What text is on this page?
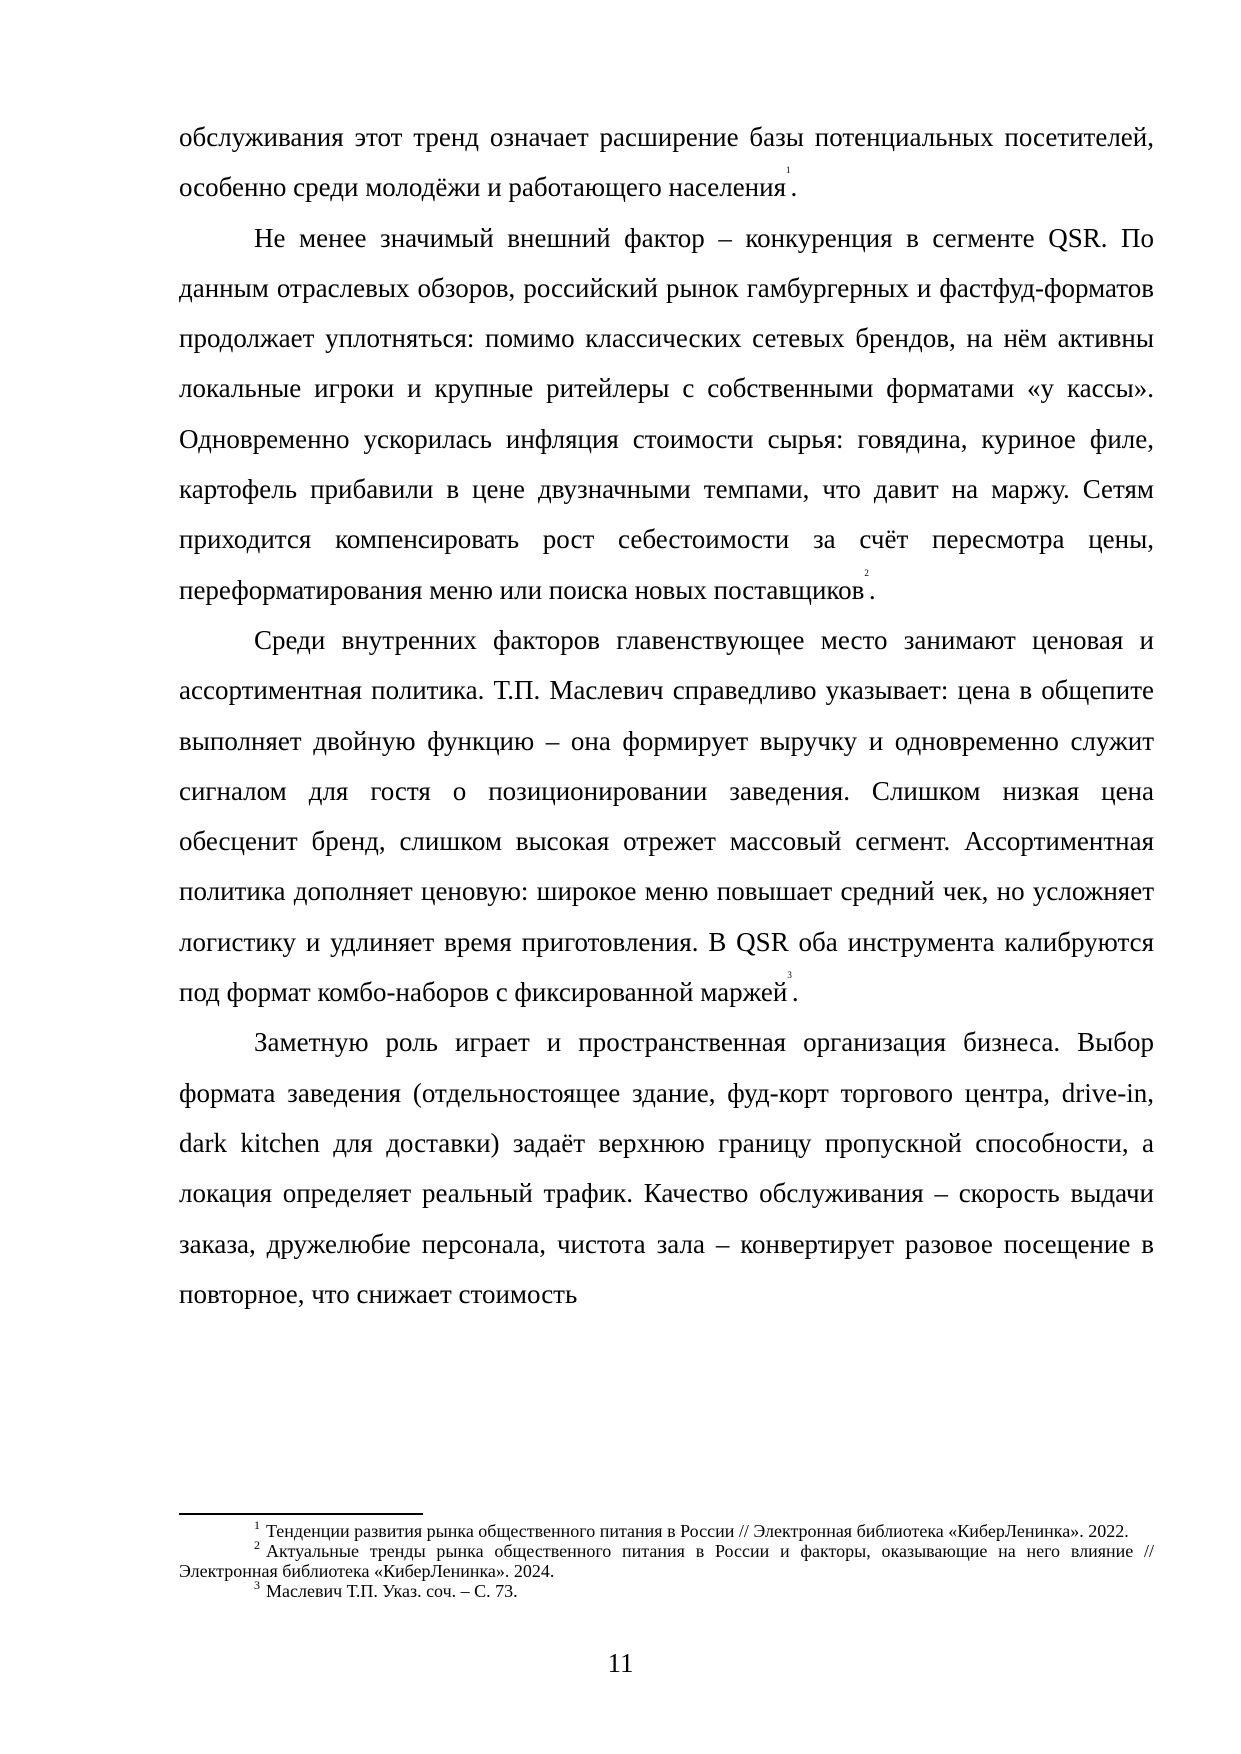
обслуживания этот тренд означает расширение базы потенциальных посетителей, особенно среди молодёжи и работающего населения$^1$.

Не менее значимый внешний фактор – конкуренция в сегменте QSR. По данным отраслевых обзоров, российский рынок гамбургерных и фастфуд-форматов продолжает уплотняться: помимо классических сетевых брендов, на нём активны локальные игроки и крупные ритейлеры с собственными форматами «у кассы». Одновременно ускорилась инфляция стоимости сырья: говядина, куриное филе, картофель прибавили в цене двузначными темпами, что давит на маржу. Сетям приходится компенсировать рост себестоимости за счёт пересмотра цены, переформатирования меню или поиска новых поставщиков$^2$.

Среди внутренних факторов главенствующее место занимают ценовая и ассортиментная политика. Т.П. Маслевич справедливо указывает: цена в общепите выполняет двойную функцию – она формирует выручку и одновременно служит сигналом для гостя о позиционировании заведения. Слишком низкая цена обесценит бренд, слишком высокая отрежет массовый сегмент. Ассортиментная политика дополняет ценовую: широкое меню повышает средний чек, но усложняет логистику и удлиняет время приготовления. В QSR оба инструмента калибруются под формат комбо-наборов с фиксированной маржей$^3$.

Заметную роль играет и пространственная организация бизнеса. Выбор формата заведения (отдельностоящее здание, фуд-корт торгового центра, drive-in, dark kitchen для доставки) задаёт верхнюю границу пропускной способности, а локация определяет реальный трафик. Качество обслуживания – скорость выдачи заказа, дружелюбие персонала, чистота зала – конвертирует разовое посещение в повторное, что снижает стоимость

$^1$ Тенденции развития рынка общественного питания в России // Электронная библиотека «КиберЛенинка». 2022.

$^2$ Актуальные тренды рынка общественного питания в России и факторы, оказывающие на него влияние // Электронная библиотека «КиберЛенинка». 2024.

$^3$ Маслевич Т.П. Указ. соч. – С. 73.

11
